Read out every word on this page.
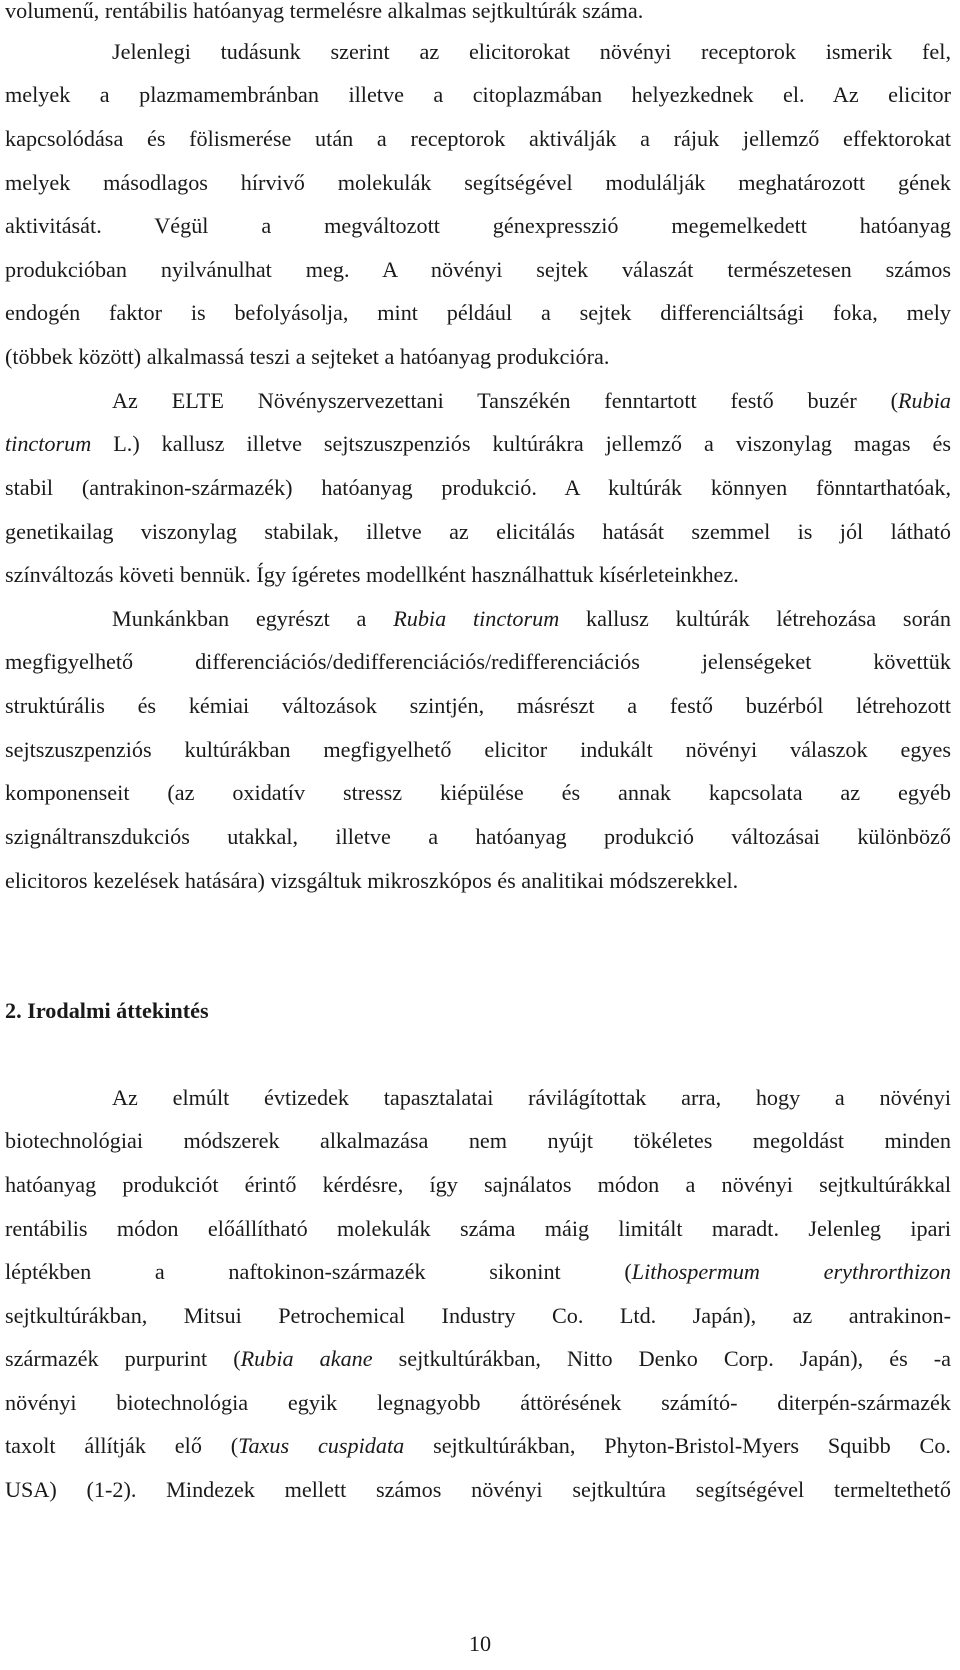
volumenű, rentábilis hatóanyag termelésre alkalmas sejtkultúrák száma.
Jelenlegi tudásunk szerint az elicitorokat növényi receptorok ismerik fel,
melyek a plazmamembránban illetve a citoplazmában helyezkednek el. Az elicitor
kapcsolódása és fölismerése után a receptorok aktiválják a rájuk jellemző effektorokat
melyek másodlagos hírvivő molekulák segítségével modulálják meghatározott gének
aktivitását. Végül a megváltozott génexpresszió megemelkedett hatóanyag
produkcióban nyilvánulhat meg. A növényi sejtek válaszát természetesen számos
endogén faktor is befolyásolja, mint például a sejtek differenciáltsági foka, mely
(többek között) alkalmassá teszi a sejteket a hatóanyag produkcióra.
Az ELTE Növényszervezettani Tanszékén fenntartott festő buzér (Rubia
tinctorum L.) kallusz illetve sejtszuszpenziós kultúrákra jellemző a viszonylag magas és
stabil (antrakinon-származék) hatóanyag produkció. A kultúrák könnyen fönntarthatóak,
genetikailag viszonylag stabilak, illetve az elicitálás hatását szemmel is jól látható
színváltozás követi bennük. Így ígéretes modellként használhattuk kísérleteinkhez.
Munkánkban egyrészt a Rubia tinctorum kallusz kultúrák létrehozása során
megfigyelhető differenciációs/dedifferenciációs/redifferenciációs jelenségeket követtük
struktúrális és kémiai változások szintjén, másrészt a festő buzérból létrehozott
sejtszuszpenziós kultúrákban megfigyelhető elicitor indukált növényi válaszok egyes
komponenseit (az oxidatív stressz kiépülése és annak kapcsolata az egyéb
szignáltranszdukciós utakkal, illetve a hatóanyag produkció változásai különböző
elicitoros kezelések hatására) vizsgáltuk mikroszkópos és analitikai módszerekkel.
2. Irodalmi áttekintés
Az elmúlt évtizedek tapasztalatai rávilágítottak arra, hogy a növényi
biotechnológiai módszerek alkalmazása nem nyújt tökéletes megoldást minden
hatóanyag produkciót érintő kérdésre, így sajnálatos módon a növényi sejtkultúrákkal
rentábilis módon előállítható molekulák száma máig limitált maradt. Jelenleg ipari
léptékben a naftokinon-származék sikonint (Lithospermum erythrorthizon
sejtkultúrákban, Mitsui Petrochemical Industry Co. Ltd. Japán), az antrakinon-
származék purpurint (Rubia akane sejtkultúrákban, Nitto Denko Corp. Japán), és -a
növényi biotechnológia egyik legnagyobb áttörésének számító- diterpén-származék
taxolt állítják elő (Taxus cuspidata sejtkultúrákban, Phyton-Bristol-Myers Squibb Co.
USA) (1-2). Mindezek mellett számos növényi sejtkultúra segítségével termeltethető
10
